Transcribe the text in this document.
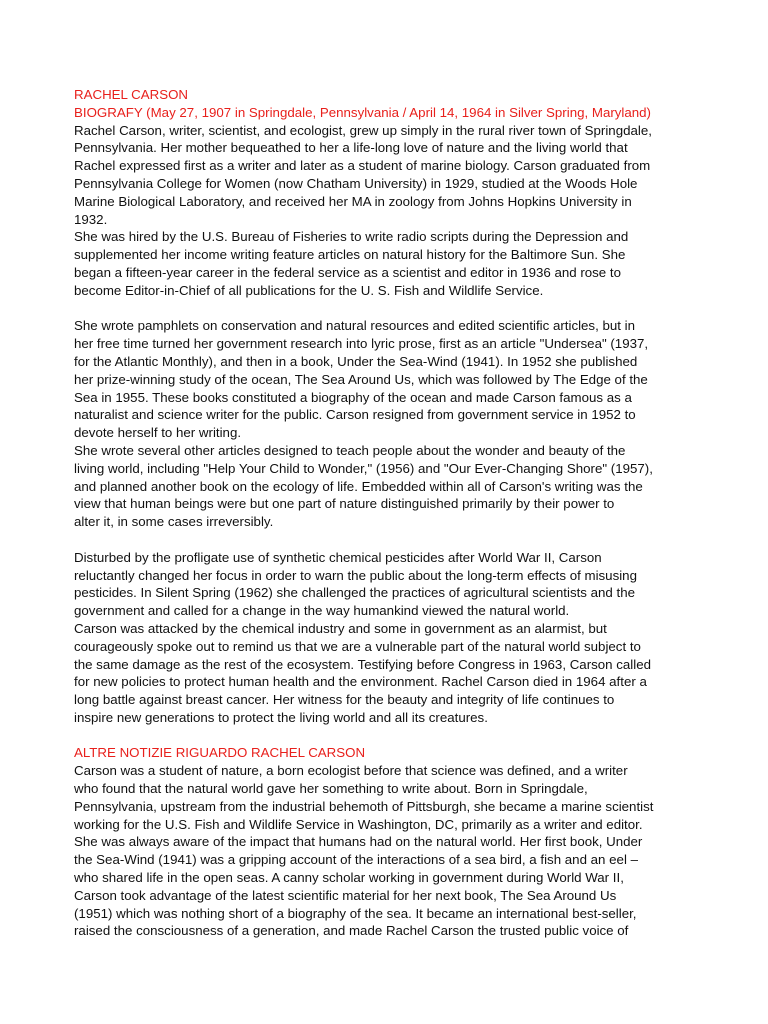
RACHEL CARSON
BIOGRAFY (May 27, 1907 in Springdale, Pennsylvania / April 14, 1964 in Silver Spring, Maryland)
Rachel Carson, writer, scientist, and ecologist, grew up simply in the rural river town of Springdale,
Pennsylvania. Her mother bequeathed to her a life-long love of nature and the living world that
Rachel expressed first as a writer and later as a student of marine biology. Carson graduated from
Pennsylvania College for Women (now Chatham University) in 1929, studied at the Woods Hole
Marine Biological Laboratory, and received her MA in zoology from Johns Hopkins University in
1932.
She was hired by the U.S. Bureau of Fisheries to write radio scripts during the Depression and
supplemented her income writing feature articles on natural history for the Baltimore Sun. She
began a fifteen-year career in the federal service as a scientist and editor in 1936 and rose to
become Editor-in-Chief of all publications for the U. S. Fish and Wildlife Service.
She wrote pamphlets on conservation and natural resources and edited scientific articles, but in
her free time turned her government research into lyric prose, first as an article "Undersea" (1937,
for the Atlantic Monthly), and then in a book, Under the Sea-Wind (1941). In 1952 she published
her prize-winning study of the ocean, The Sea Around Us, which was followed by The Edge of the
Sea in 1955. These books constituted a biography of the ocean and made Carson famous as a
naturalist and science writer for the public. Carson resigned from government service in 1952 to
devote herself to her writing.
She wrote several other articles designed to teach people about the wonder and beauty of the
living world, including "Help Your Child to Wonder," (1956) and "Our Ever-Changing Shore" (1957),
and planned another book on the ecology of life. Embedded within all of Carson's writing was the
view that human beings were but one part of nature distinguished primarily by their power to
alter it, in some cases irreversibly.
Disturbed by the profligate use of synthetic chemical pesticides after World War II, Carson
reluctantly changed her focus in order to warn the public about the long-term effects of misusing
pesticides. In Silent Spring (1962) she challenged the practices of agricultural scientists and the
government and called for a change in the way humankind viewed the natural world.
Carson was attacked by the chemical industry and some in government as an alarmist, but
courageously spoke out to remind us that we are a vulnerable part of the natural world subject to
the same damage as the rest of the ecosystem. Testifying before Congress in 1963, Carson called
for new policies to protect human health and the environment. Rachel Carson died in 1964 after a
long battle against breast cancer. Her witness for the beauty and integrity of life continues to
inspire new generations to protect the living world and all its creatures.
ALTRE NOTIZIE RIGUARDO RACHEL CARSON
Carson was a student of nature, a born ecologist before that science was defined, and a writer
who found that the natural world gave her something to write about. Born in Springdale,
Pennsylvania, upstream from the industrial behemoth of Pittsburgh, she became a marine scientist
working for the U.S. Fish and Wildlife Service in Washington, DC, primarily as a writer and editor.
She was always aware of the impact that humans had on the natural world. Her first book, Under
the Sea-Wind (1941) was a gripping account of the interactions of a sea bird, a fish and an eel –
who shared life in the open seas. A canny scholar working in government during World War II,
Carson took advantage of the latest scientific material for her next book, The Sea Around Us
(1951) which was nothing short of a biography of the sea. It became an international best-seller,
raised the consciousness of a generation, and made Rachel Carson the trusted public voice of
